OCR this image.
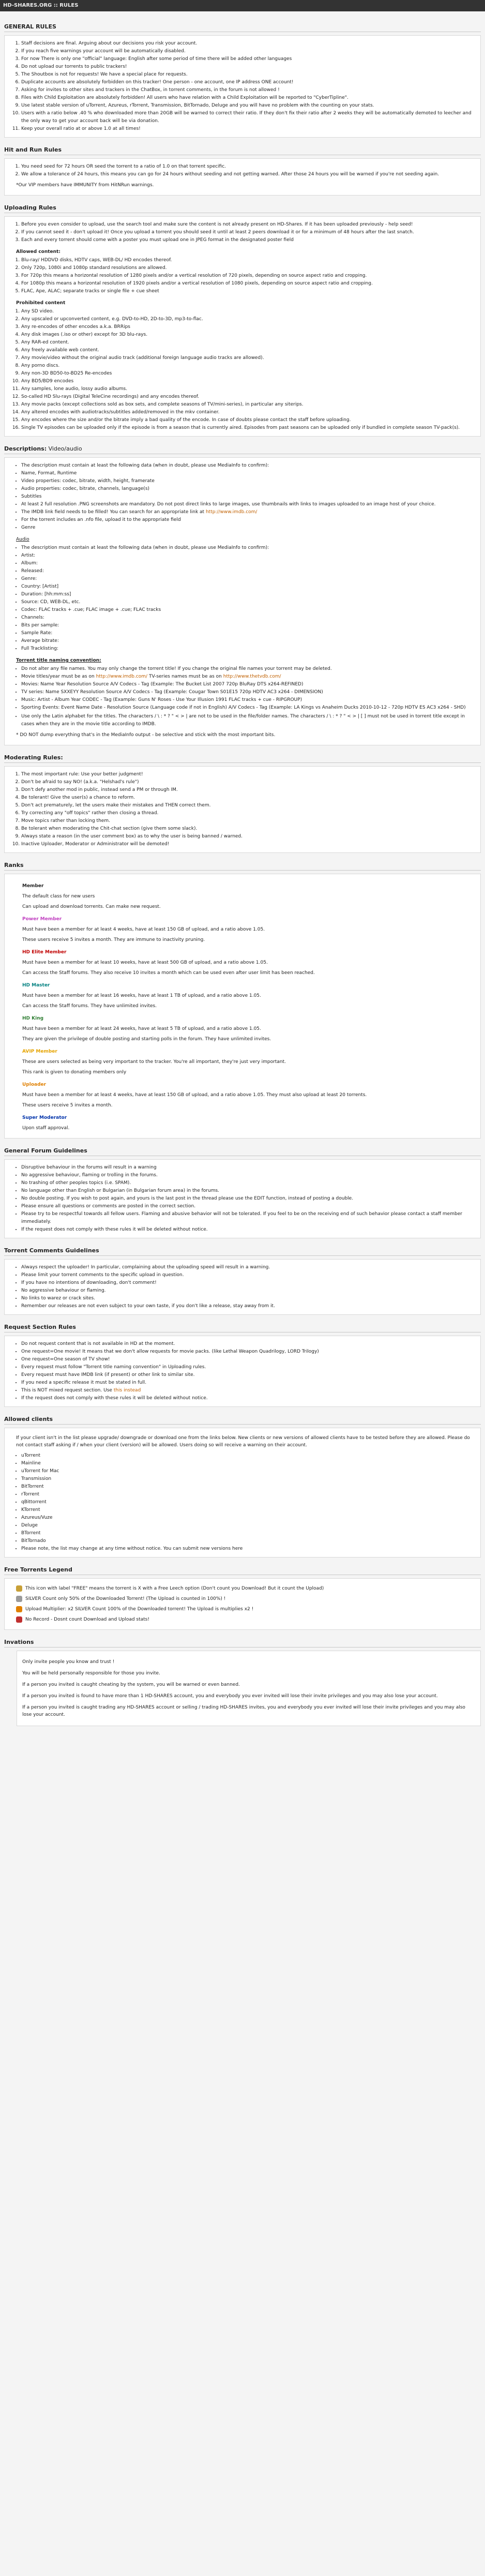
HD-SHARES.ORG :: RULES
GENERAL RULES
1. Staff decisions are final. Arguing about our decisions you risk your account.
2. If you reach five warnings your account will be automatically disabled.
3. For now There is only one "official" language: English after some period of time there will be added other languages
4. Do not upload our torrents to public trackers!
5. The Shoutbox is not for requests! We have a special place for requests.
6. Duplicate accounts are absolutely forbidden on this tracker! One person - one account, one IP address ONE account!
7. Asking for invites to other sites and trackers in the ChatBox, in torrent comments, in the forum is not allowed !
8. Files with Child Exploitation are absolutely forbidden! All users who have relation with a Child Exploitation will be reported to "CyberTipline".
9. Use latest stable version of uTorrent, Azureus, rTorrent, Transmission, BitTornado, Deluge and you will have no problem with the counting on your stats.
10. Users with a ratio below .40 % who downloaded more than 20GB will be warned to correct their ratio. If they don't fix their ratio after 2 weeks they will be automatically demoted to leecher and the only way to get your account back will be via donation.
11. Keep your overall ratio at or above 1.0 at all times!
Hit and Run Rules
1. You need seed for 72 hours OR seed the torrent to a ratio of 1.0 on that torrent specific.
2. We allow a tolerance of 24 hours, this means you can go for 24 hours without seeding and not getting warned. After those 24 hours you will be warned if you're not seeding again.
*Our VIP members have IMMUNITY from HitNRun warnings.
Uploading Rules
1. Before you even consider to upload, use the search tool and make sure the content is not already present on HD-Shares. If it has been uploaded previously - help seed!
2. If you cannot seed it - don't upload it! Once you upload a torrent you should seed it until at least 2 peers download it or for a minimum of 48 hours after the last snatch.
3. Each and every torrent should come with a poster you must upload one in JPEG format in the designated poster field
Allowed content:
1. Blu-ray/ HDDVD disks, HDTV caps, WEB-DL/ HD encodes thereof.
2. Only 720p, 1080i and 1080p standard resolutions are allowed.
3. For 720p this means a horizontal resolution of 1280 pixels and/or a vertical resolution of 720 pixels, depending on source aspect ratio and cropping.
4. For 1080p this means a horizontal resolution of 1920 pixels and/or a vertical resolution of 1080 pixels, depending on source aspect ratio and cropping.
5. FLAC, Ape, ALAC; separate tracks or single file + cue sheet
Prohibited content
1. Any SD video.
2. Any upscaled or upconverted content, e.g. DVD-to-HD, 2D-to-3D, mp3-to-flac.
3. Any re-encodes of other encodes a.k.a. BRRips
4. Any disk images (.iso or other) except for 3D blu-rays.
5. Any RAR-ed content.
6. Any freely available web content.
7. Any movie/video without the original audio track (additional foreign language audio tracks are allowed).
8. Any porno discs.
9. Any non-3D BD50-to-BD25 Re-encodes
10. Any BD5/BD9 encodes
11. Any samples, lone audio, lossy audio albums.
12. So-called HD Slu-rays (Digital TeleCine recordings) and any encodes thereof.
13. Any movie packs (except collections sold as box sets, and complete seasons of TV/mini-series), in particular any siterips.
14. Any altered encodes with audiotracks/subtitles added/removed in the mkv container.
15. Any encodes where the size and/or the bitrate imply a bad quality of the encode. In case of doubts please contact the staff before uploading.
16. Single TV episodes can be uploaded only if the episode is from a season that is currently aired. Episodes from past seasons can be uploaded only if bundled in complete season TV-pack(s).
Descriptions: Video/audio
• The description must contain at least the following data (when in doubt, please use MediaInfo to confirm):
• Name, Format, Runtime
• Video properties: codec, bitrate, width, height, framerate
• Audio properties: codec, bitrate, channels, language(s)
• Subtitles
• At least 2 full resolution .PNG screenshots are mandatory. Do not post direct links to large images, use thumbnails with links to images uploaded to an image host of your choice.
• The IMDB link field needs to be filled! You can search for an appropriate link at http://www.imdb.com/
• For the torrent includes an .nfo file, upload it to the appropriate field
• Genre
Audio
• The description must contain at least the following data (when in doubt, please use MediaInfo to confirm):
• Artist:
• Album:
• Released:
• Genre:
• Country: [Artist]
• Duration: [hh:mm:ss]
• Source: CD, WEB-DL, etc.
• Codec: FLAC tracks + .cue; FLAC image + .cue; FLAC tracks
• Channels:
• Bits per sample:
• Sample Rate:
• Average bitrate:
• Full Tracklisting:
Torrent title naming convention:
• Do not alter any file names. You may only change the torrent title! If you change the original file names your torrent may be deleted.
• Movie titles/year must be as on http://www.imdb.com/ TV-series names must be as on http://www.thetvdb.com/
• Movies: Name Year Resolution Source A/V Codecs - Tag (Example: The Bucket List 2007 720p BluRay DTS x264-REFINED)
• TV series: Name SXXEYY Resolution Source A/V Codecs - Tag (Example: Cougar Town S01E15 720p HDTV AC3 x264 - DIMENSION)
• Music: Artist - Album Year CODEC - Tag (Example: Guns N' Roses - Use Your Illusion 1991 FLAC tracks + cue - RIPGROUP)
• Sporting Events: Event Name Date - Resolution Source (Language code if not in English) A/V Codecs - Tag (Example: LA Kings vs Anaheim Ducks 2010-10-12 - 720p HDTV ES AC3 x264 - SHD)
• Use only the Latin alphabet for the titles. The characters / \ : * ? " < > | are not to be used in the file/folder names. The characters / \ : * ? " < > | [ ] must not be used in torrent title except in cases when they are in the movie title according to IMDB.
* DO NOT dump everything that's in the MediaInfo output - be selective and stick with the most important bits.
Moderating Rules:
1. The most important rule: Use your better judgment!
2. Don't be afraid to say NO! (a.k.a. "Helshad's rule")
3. Don't defy another mod in public, instead send a PM or through IM.
4. Be tolerant! Give the user(s) a chance to reform.
5. Don't act prematurely, let the users make their mistakes and THEN correct them.
6. Try correcting any "off topics" rather then closing a thread.
7. Move topics rather than locking them.
8. Be tolerant when moderating the Chit-chat section (give them some slack).
9. Always state a reason (in the user comment box) as to why the user is being banned / warned.
10. Inactive Uploader, Moderator or Administrator will be demoted!
Ranks
Member
The default class for new users
Can upload and download torrents. Can make new request.
Power Member
Must have been a member for at least 4 weeks, have at least 150 GB of upload, and a ratio above 1.05.
These users receive 5 invites a month. They are immune to inactivity pruning.
HD Elite Member
Must have been a member for at least 10 weeks, have at least 500 GB of upload, and a ratio above 1.05.
Can access the Staff forums. They also receive 10 invites a month which can be used even after user limit has been reached.
HD Master
Must have been a member for at least 16 weeks, have at least 1 TB of upload, and a ratio above 1.05.
Can access the Staff forums. They have unlimited invites.
HD King
Must have been a member for at least 24 weeks, have at least 5 TB of upload, and a ratio above 1.05.
They are given the privilege of double posting and starting polls in the forum. They have unlimited invites.
AVIP Member
These are users selected as being very important to the tracker. You're all important, they're just very important.
This rank is given to donating members only
Uploader
Must have been a member for at least 4 weeks, have at least 150 GB of upload, and a ratio above 1.05. They must also upload at least 20 torrents.
These users receive 5 invites a month.
Super Moderator
Upon staff approval.
General Forum Guidelines
• Disruptive behaviour in the forums will result in a warning
• No aggressive behaviour, flaming or trolling in the forums.
• No trashing of other peoples topics (i.e. SPAM).
• No language other than English or Bulgarian (in Bulgarian forum area) in the forums.
• No double posting. If you wish to post again, and yours is the last post in the thread please use the EDIT function, instead of posting a double.
• Please ensure all questions or comments are posted in the correct section.
• Please try to be respectful towards all fellow users. Flaming and abusive behavior will not be tolerated. If you feel to be on the receiving end of such behavior please contact a staff member immediately.
• If the request does not comply with these rules it will be deleted without notice.
Torrent Comments Guidelines
• Always respect the uploader! In particular, complaining about the uploading speed will result in a warning.
• Please limit your torrent comments to the specific upload in question.
• If you have no intentions of downloading, don't comment!
• No aggressive behaviour or flaming.
• No links to warez or crack sites.
• Remember our releases are not even subject to your own taste, if you don't like a release, stay away from it.
Request Section Rules
• Do not request content that is not available in HD at the moment.
• One request=One movie! It means that we don't allow requests for movie packs. (like Lethal Weapon Quadrilogy, LORD Trilogy)
• One request=One season of TV show!
• Every request must follow "Torrent title naming convention" in Uploading rules.
• Every request must have IMDB link (if present) or other link to similar site.
• If you need a specific release it must be stated in full.
• This is NOT mixed request section. Use this instead
• If the request does not comply with these rules it will be deleted without notice.
Allowed clients
If your client isn't in the list please upgrade/ downgrade or download one from the links below. New clients or new versions of allowed clients have to be tested before they are allowed. Please do not contact staff asking if / when your client (version) will be allowed. Users doing so will receive a warning on their account.
• uTorrent
• Mainline
• uTorrent for Mac
• Transmission
• BitTorrent
• rTorrent
• qBittorrent
• KTorrent
• Azureus/Vuze
• Deluge
• BTorrent
• BitTornado
• Please note, the list may change at any time without notice. You can submit new versions here
Free Torrents Legend
This icon with label "FREE" means the torrent is X with a Free Leech option (Don't count you Download! But it count the Upload)
SILVER Count only 50% of the Downloaded Torrent! (The Upload is counted in 100%) !
Upload Multiplier: x2 SILVER Count 100% of the Downloaded torrent! The Upload is multiplies x2 !
No Record - Dosnt count Download and Upload stats!
Invations
Only invite people you know and trust !
You will be held personally responsible for those you invite.
If a person you invited is caught cheating by the system, you will be warned or even banned.
If a person you invited is found to have more than 1 HD-SHARES account, you and everybody you ever invited will lose their invite privileges and you may also lose your account.
If a person you invited is caught trading any HD-SHARES account or selling / trading HD-SHARES invites, you and everybody you ever invited will lose their invite privileges and you may also lose your account.
